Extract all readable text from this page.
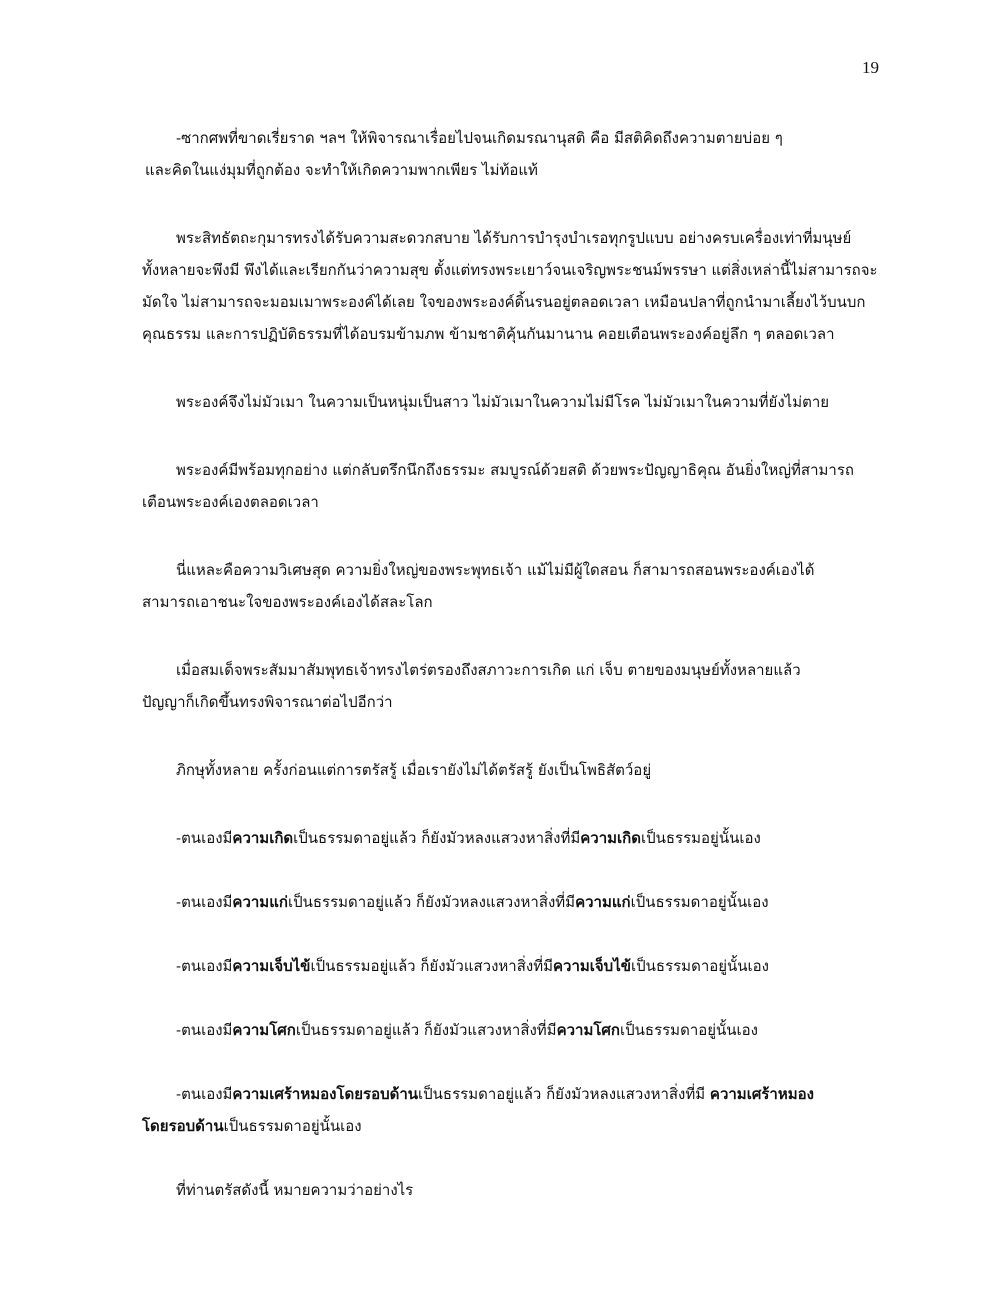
19

-ซากศพที่ขาดเรี่ยราด ฯลฯ ให้พิจารณาเรื่อยไปจนเกิดมรณานุสติ คือ มีสติคิดถึงความตายบ่อย ๆ
และคิดในแง่มุมที่ถูกต้อง จะทำให้เกิดความพากเพียร ไม่ท้อแท้

พระสิทธัตถะกุมารทรงได้รับความสะดวกสบาย ได้รับการบำรุงบำเรอทุกรูปแบบ อย่างครบเครื่องเท่าที่มนุษย์
ทั้งหลายจะพึงมี พึงได้และเรียกกันว่าความสุข ตั้งแต่ทรงพระเยาว์จนเจริญพระชนม์พรรษา แต่สิ่งเหล่านี้ไม่สามารถจะ
มัดใจ ไม่สามารถจะมอมเมาพระองค์ได้เลย ใจของพระองค์ดิ้นรนอยู่ตลอดเวลา เหมือนปลาที่ถูกนำมาเลี้ยงไว้บนบก
คุณธรรม และการปฏิบัติธรรมที่ได้อบรมข้ามภพ ข้ามชาติคุ้นกันมานาน คอยเตือนพระองค์อยู่ลึก ๆ ตลอดเวลา

พระองค์จึงไม่มัวเมา ในความเป็นหนุ่มเป็นสาว ไม่มัวเมาในความไม่มีโรค ไม่มัวเมาในความที่ยังไม่ตาย

พระองค์มีพร้อมทุกอย่าง แต่กลับตรึกนึกถึงธรรมะ สมบูรณ์ด้วยสติ ด้วยพระปัญญาธิคุณ อันยิ่งใหญ่ที่สามารถ
เตือนพระองค์เองตลอดเวลา

นี่แหละคือความวิเศษสุด ความยิ่งใหญ่ของพระพุทธเจ้า แม้ไม่มีผู้ใดสอน ก็สามารถสอนพระองค์เองได้
สามารถเอาชนะใจของพระองค์เองได้สละโลก

เมื่อสมเด็จพระสัมมาสัมพุทธเจ้าทรงไตร่ตรองถึงสภาวะการเกิด แก่ เจ็บ ตายของมนุษย์ทั้งหลายแล้ว
ปัญญาก็เกิดขึ้นทรงพิจารณาต่อไปอีกว่า

ภิกษุทั้งหลาย ครั้งก่อนแต่การตรัสรู้ เมื่อเรายังไม่ได้ตรัสรู้ ยังเป็นโพธิสัตว์อยู่

-ตนเองมีความเกิดเป็นธรรมดาอยู่แล้ว ก็ยังมัวหลงแสวงหาสิ่งที่มีความเกิดเป็นธรรมอยู่นั้นเอง

-ตนเองมีความแก่เป็นธรรมดาอยู่แล้ว ก็ยังมัวหลงแสวงหาสิ่งที่มีความแก่เป็นธรรมดาอยู่นั้นเอง

-ตนเองมีความเจ็บไข้เป็นธรรมอยู่แล้ว ก็ยังมัวแสวงหาสิ่งที่มีความเจ็บไข้เป็นธรรมดาอยู่นั้นเอง

-ตนเองมีความโศกเป็นธรรมดาอยู่แล้ว ก็ยังมัวแสวงหาสิ่งที่มีความโศกเป็นธรรมดาอยู่นั้นเอง

-ตนเองมีความเศร้าหมองโดยรอบด้านเป็นธรรมดาอยู่แล้ว ก็ยังมัวหลงแสวงหาสิ่งที่มี ความเศร้าหมอง
โดยรอบด้านเป็นธรรมดาอยู่นั้นเอง

ที่ท่านตรัสดังนี้ หมายความว่าอย่างไร
